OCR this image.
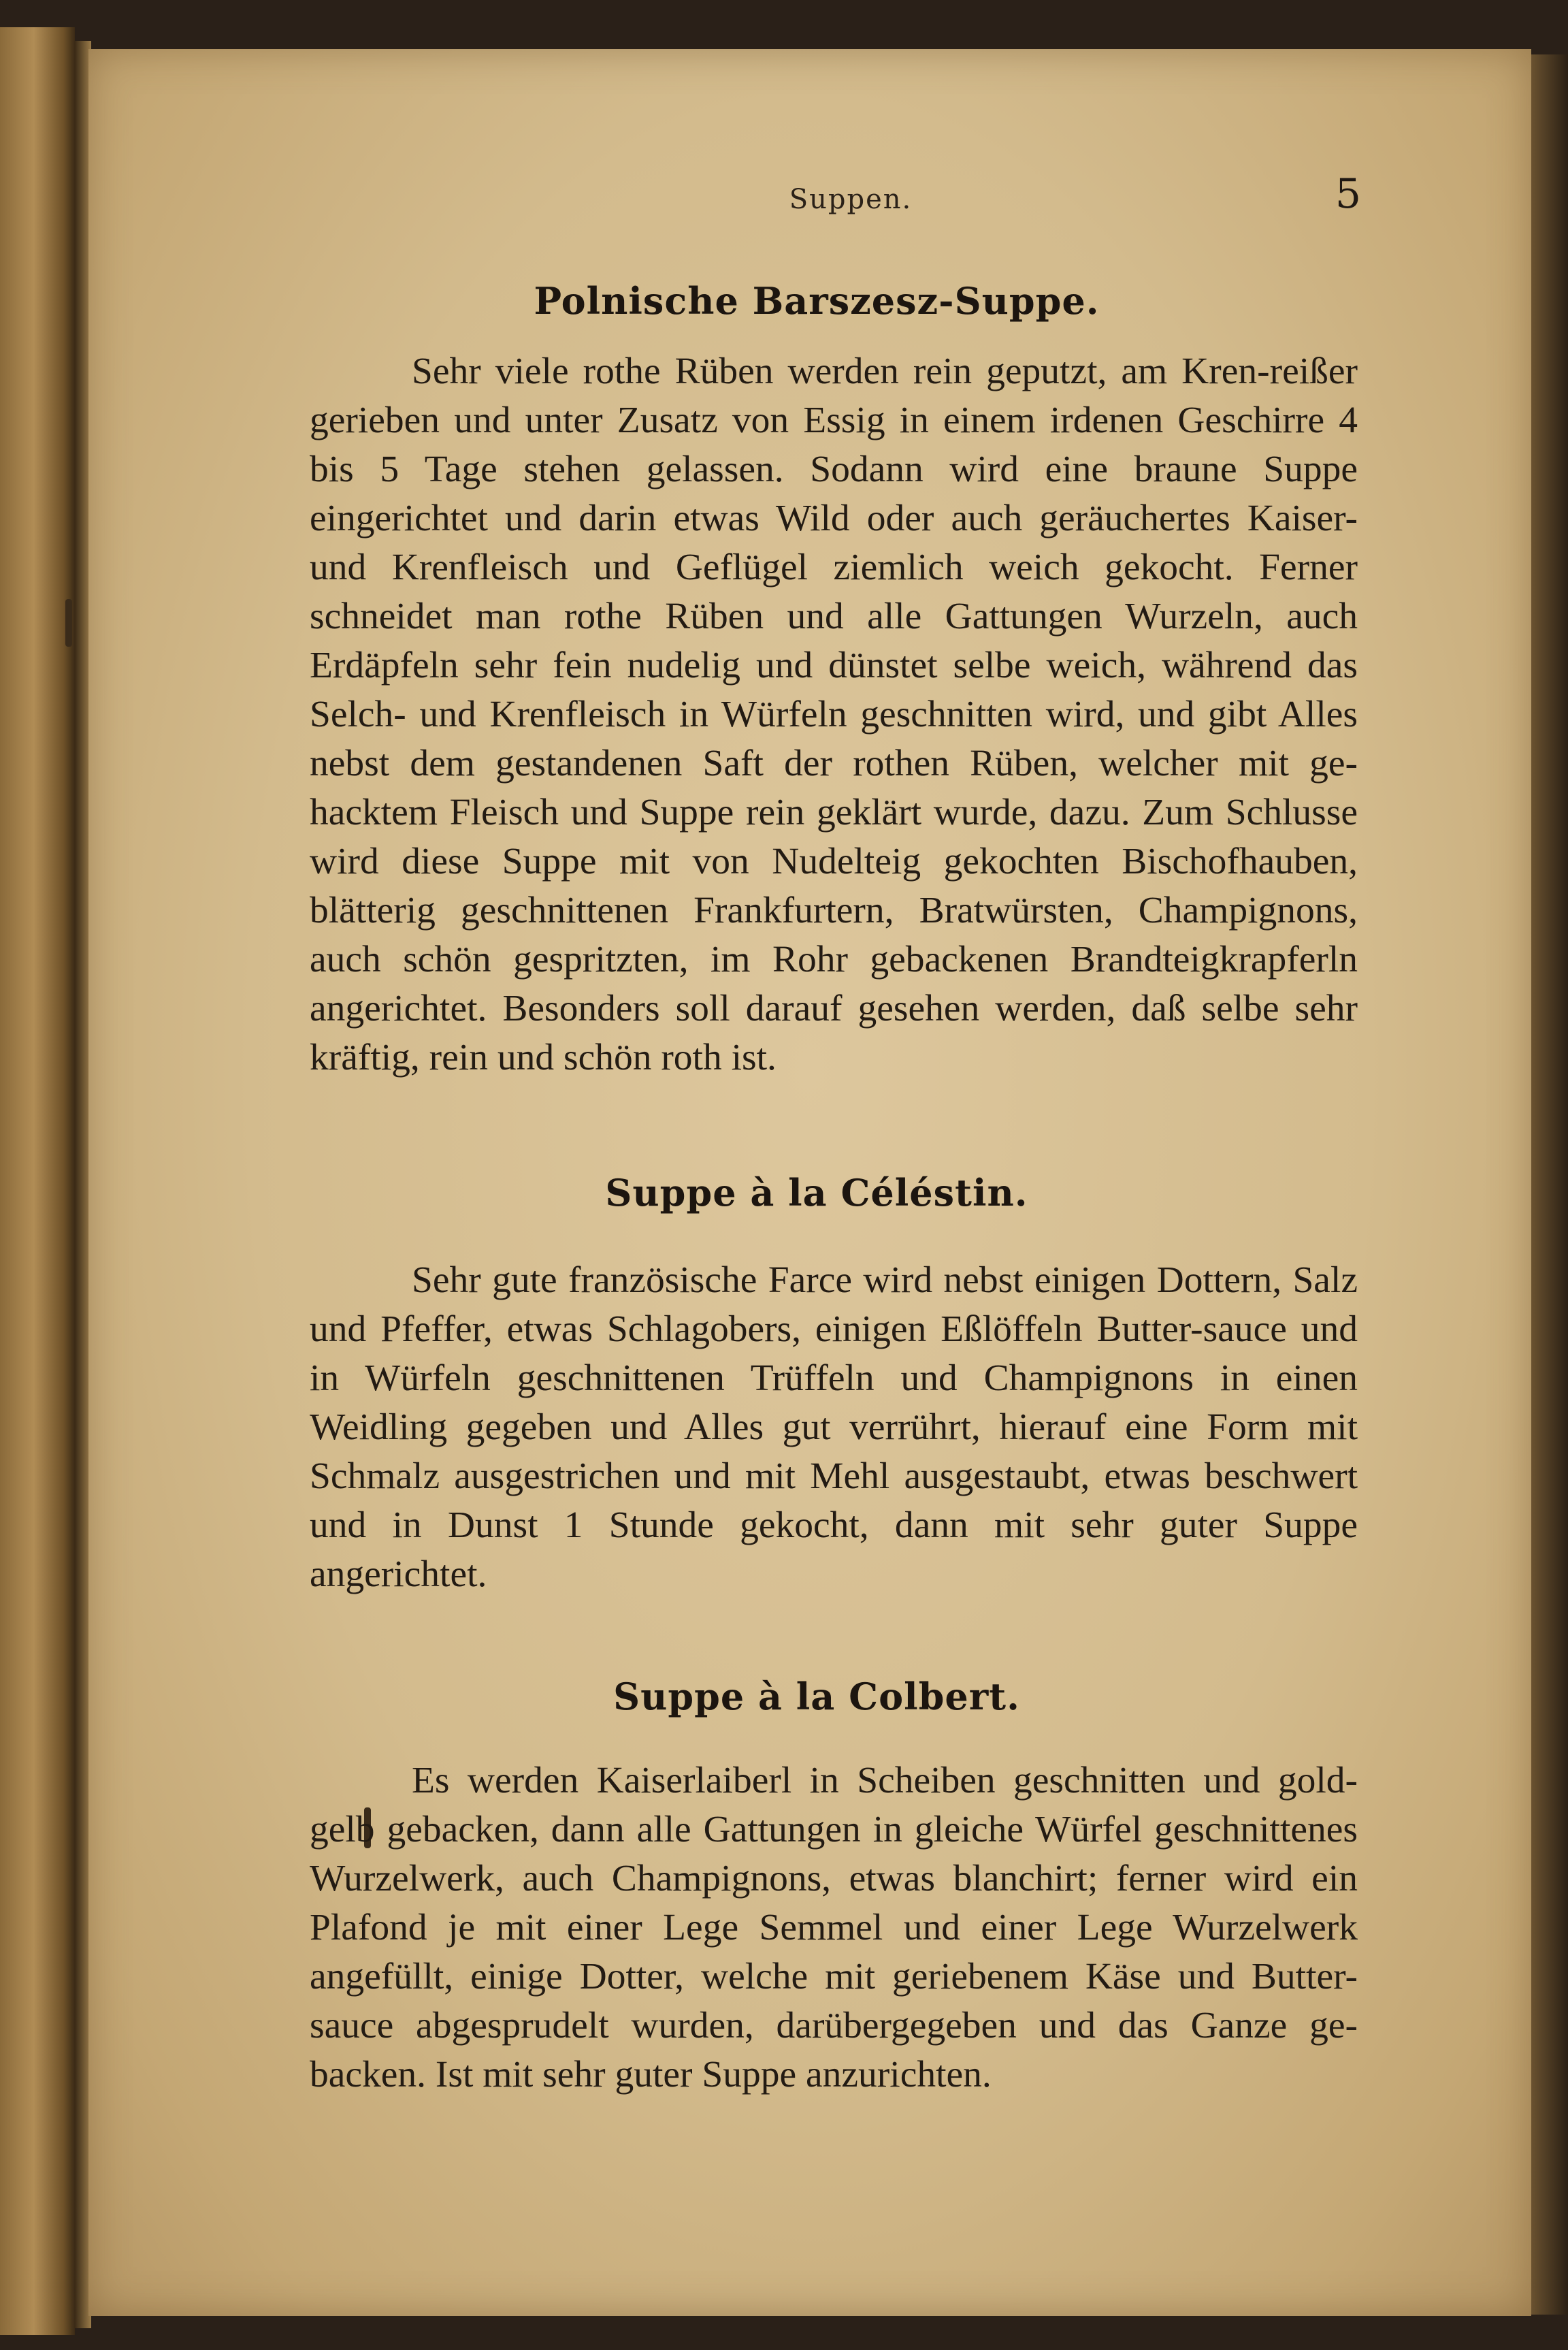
Suppen.	5
Polnische Barszesz-Suppe.
Sehr viele rothe Rüben werden rein geputzt, am Kren-reißer gerieben und unter Zusatz von Essig in einem irdenen Geschirre 4 bis 5 Tage stehen gelassen. Sodann wird eine braune Suppe eingerichtet und darin etwas Wild oder auch geräuchertes Kaiser- und Krenfleisch und Geflügel ziemlich weich gekocht. Ferner schneidet man rothe Rüben und alle Gattungen Wurzeln, auch Erdäpfeln sehr fein nudelig und dünstet selbe weich, während das Selch- und Krenfleisch in Würfeln geschnitten wird, und gibt Alles nebst dem gestandenen Saft der rothen Rüben, welcher mit ge-hacktem Fleisch und Suppe rein geklärt wurde, dazu. Zum Schlusse wird diese Suppe mit von Nudelteig gekochten Bischofhauben, blätterig geschnittenen Frankfurtern, Bratwürsten, Champignons, auch schön gespritzten, im Rohr gebackenen Brandteigkrapferln angerichtet. Besonders soll darauf gesehen werden, daß selbe sehr kräftig, rein und schön roth ist.
Suppe à la Céléstin.
Sehr gute französische Farce wird nebst einigen Dottern, Salz und Pfeffer, etwas Schlagobers, einigen Eßlöffeln Butter-sauce und in Würfeln geschnittenen Trüffeln und Champignons in einen Weidling gegeben und Alles gut verrührt, hierauf eine Form mit Schmalz ausgestrichen und mit Mehl ausgestaubt, etwas beschwert und in Dunst 1 Stunde gekocht, dann mit sehr guter Suppe angerichtet.
Suppe à la Colbert.
Es werden Kaiserlaiberl in Scheiben geschnitten und gold-gelb gebacken, dann alle Gattungen in gleiche Würfel geschnittenes Wurzelwerk, auch Champignons, etwas blanchirt; ferner wird ein Plafond je mit einer Lege Semmel und einer Lege Wurzelwerk angefüllt, einige Dotter, welche mit geriebenem Käse und Butter-sauce abgesprudelt wurden, darübergegeben und das Ganze ge-backen. Ist mit sehr guter Suppe anzurichten.
